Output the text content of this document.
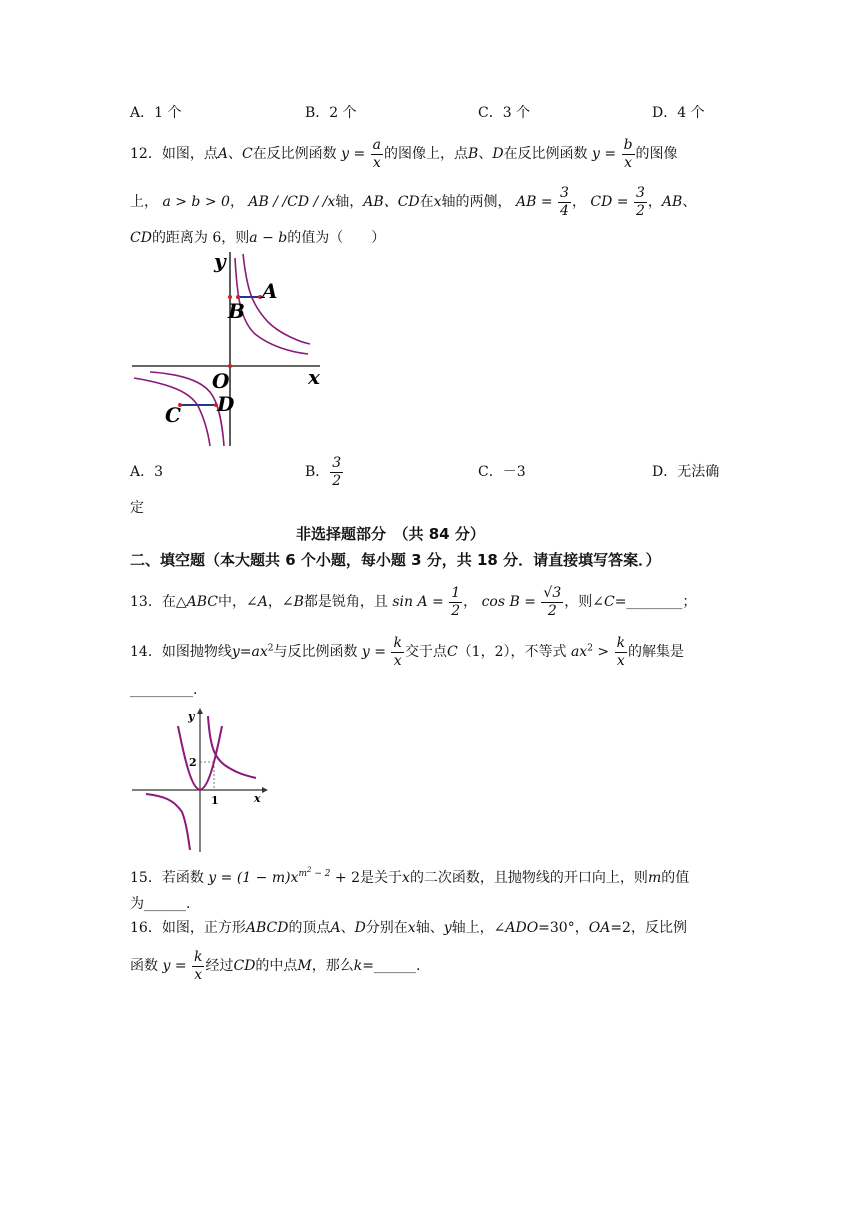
A．1 个	B．2 个	C．3 个	D．4 个
12．如图，点A、C在反比例函数 $y = \frac{a}{x}$ 的图像上，点B、D在反比例函数 $y = \frac{b}{x}$ 的图像
上， a > b > 0， AB / /CD / /x轴，AB、CD在x轴的两侧， AB = $\frac{3}{4}$ ， CD = $\frac{3}{2}$ ，AB、
CD的距离为 6，则a − b的值为（　　）
y
x
O
A
B
C D
A．3	B． $\frac{3}{2}$	C．－3	D．无法确
定
非选择题部分　（共 84 分）
二、填空题（本大题共 6 个小题，每小题 3 分，共 18 分．请直接填写答案．）
13．在△ABC中，∠A，∠B都是锐角，且 $\sin A = \frac{1}{2}$ ， $\cos B = \frac{√3}{2}$ ，则∠C=________；
14．如图抛物线$y=ax^2$与反比例函数 $y = \frac{k}{x}$ 交于点C（1，2），不等式 $ax^2 > \frac{k}{x}$ 的解集是
_________.
y
x
2
1
15．若函数 $y = (1 - m)x^{m^2 - 2} + 2$是关于x的二次函数，且抛物线的开口向上，则m的值
为______.
16．如图，正方形ABCD的顶点A、D分别在x轴、y轴上，∠ADO=30°，OA=2，反比例
函数 $y = \frac{k}{x}$ 经过CD的中点M，那么k=______.
